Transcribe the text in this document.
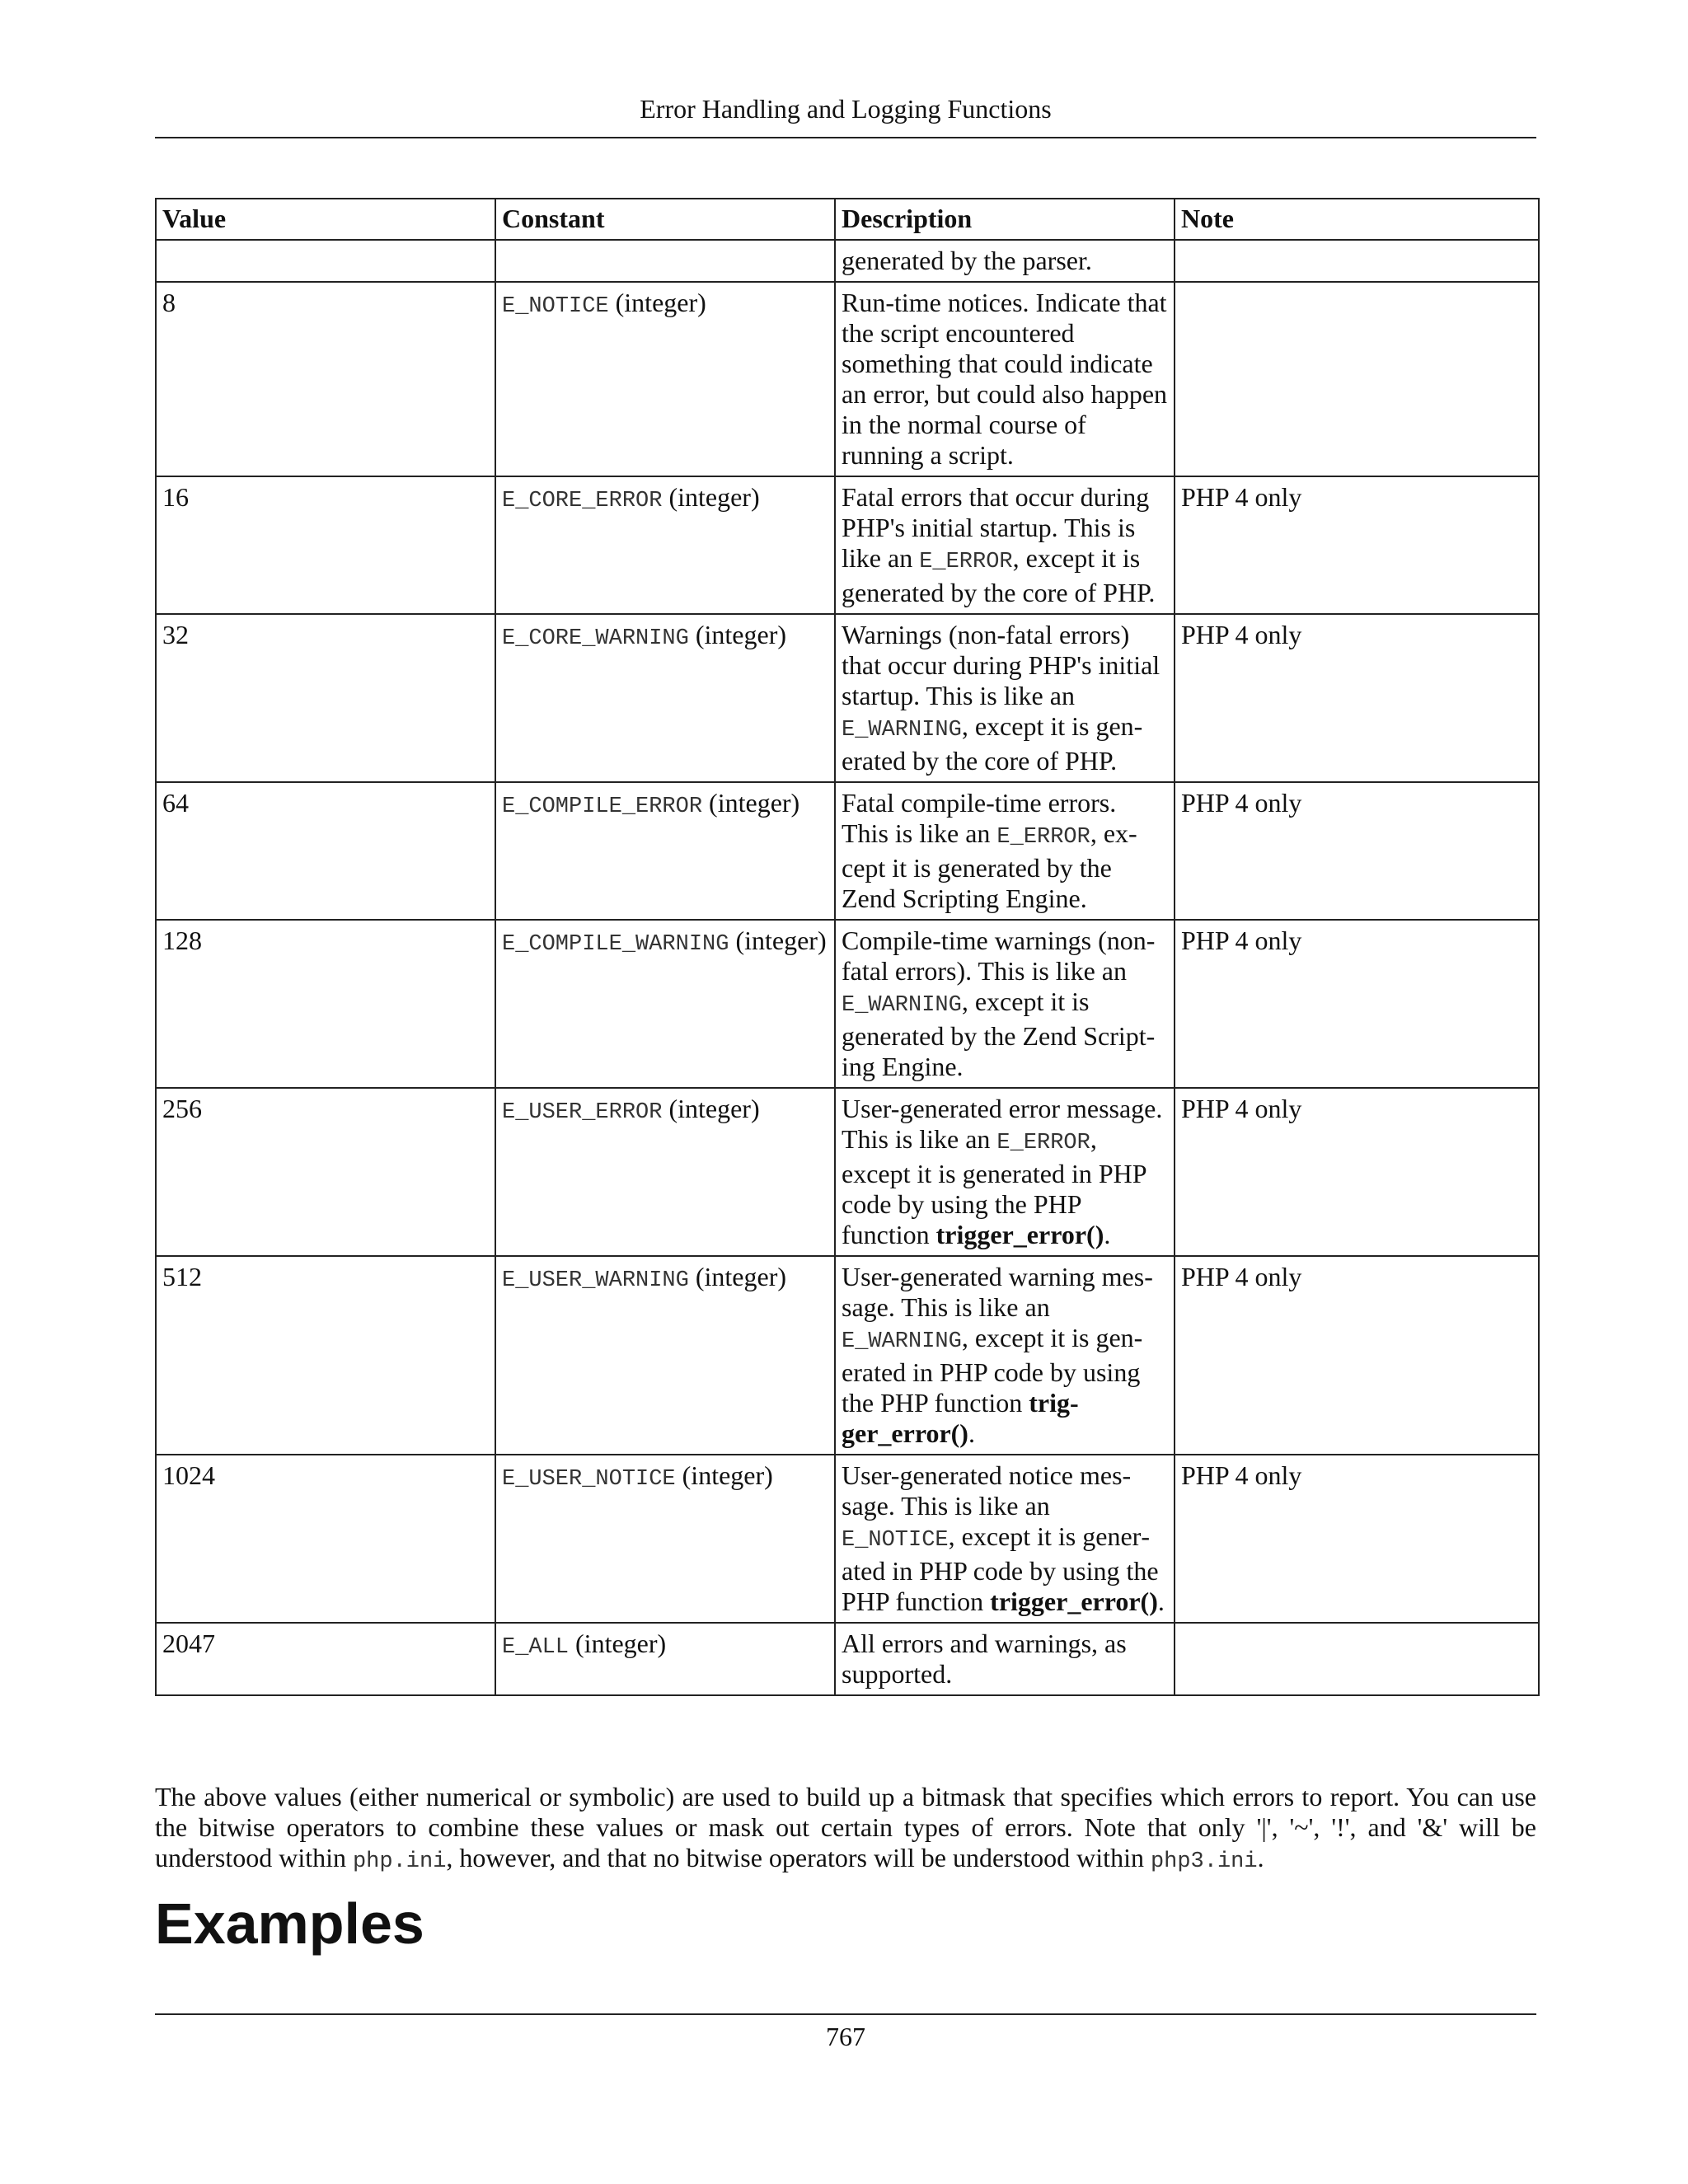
Error Handling and Logging Functions
Value	Constant	Description	Note
		generated by the parser.	
8	E_NOTICE (integer)	Run-time notices. Indicate that the script encountered something that could indicate an error, but could also happen in the normal course of running a script.	
16	E_CORE_ERROR (integer)	Fatal errors that occur during PHP's initial startup. This is like an E_ERROR, except it is generated by the core of PHP.	PHP 4 only
32	E_CORE_WARNING (integer)	Warnings (non-fatal errors) that occur during PHP's initial startup. This is like an E_WARNING, except it is generated by the core of PHP.	PHP 4 only
64	E_COMPILE_ERROR (integer)	Fatal compile-time errors. This is like an E_ERROR, except it is generated by the Zend Scripting Engine.	PHP 4 only
128	E_COMPILE_WARNING (integer)	Compile-time warnings (non-fatal errors). This is like an E_WARNING, except it is generated by the Zend Scripting Engine.	PHP 4 only
256	E_USER_ERROR (integer)	User-generated error message. This is like an E_ERROR, except it is generated in PHP code by using the PHP function trigger_error().	PHP 4 only
512	E_USER_WARNING (integer)	User-generated warning message. This is like an E_WARNING, except it is generated in PHP code by using the PHP function trigger_error().	PHP 4 only
1024	E_USER_NOTICE (integer)	User-generated notice message. This is like an E_NOTICE, except it is generated in PHP code by using the PHP function trigger_error().	PHP 4 only
2047	E_ALL (integer)	All errors and warnings, as supported.	

The above values (either numerical or symbolic) are used to build up a bitmask that specifies which errors to report. You can use the bitwise operators to combine these values or mask out certain types of errors. Note that only '|', '~', '!', and '&' will be understood within php.ini, however, and that no bitwise operators will be understood within php3.ini.

Examples
767
